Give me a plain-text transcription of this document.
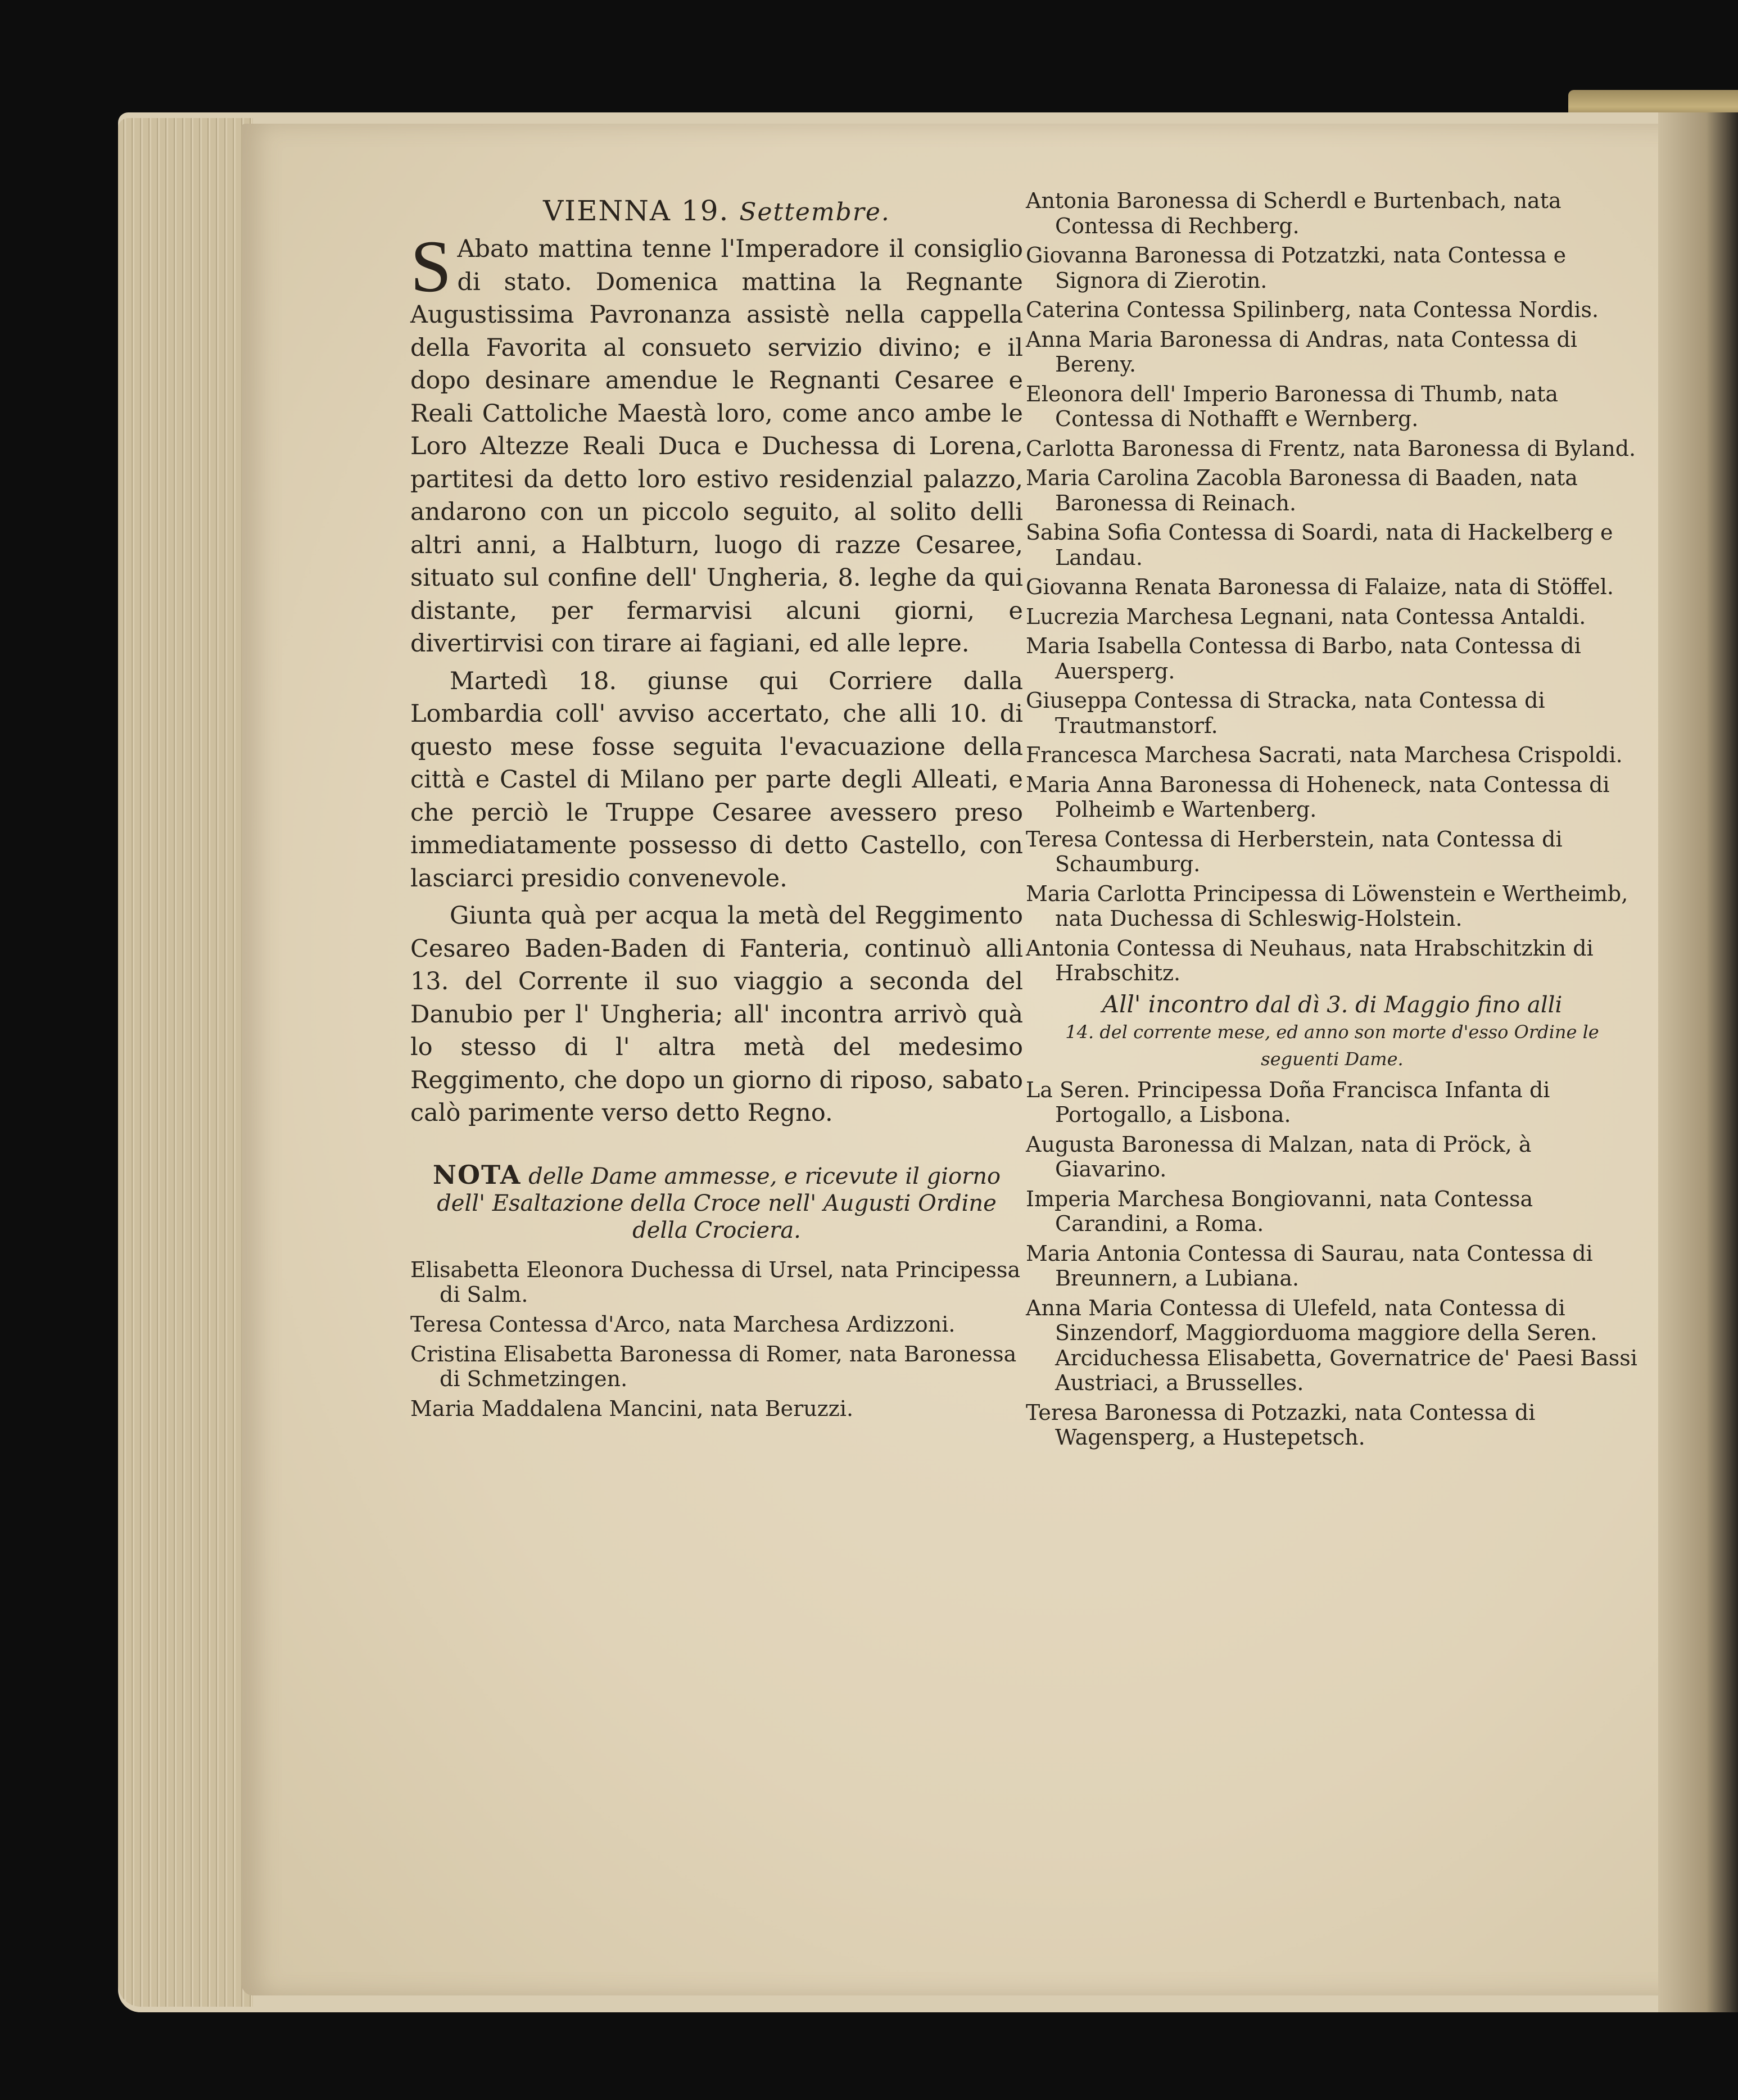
VIENNA 19. Settembre.

S Abato mattina tenne l'Imperadore il consiglio di stato. Domenica mattina la Regnante Augustissima Pavronanza assistè nella cappella della Favorita al consueto servizio divino; e il dopo desinare amendue le Regnanti Cesaree e Reali Cattoliche Maestà loro, come anco ambe le Loro Altezze Reali Duca e Duchessa di Lorena, partitesi da detto loro estivo residenzial palazzo, andarono con un piccolo seguito, al solito delli altri anni, a Halbturn, luogo di razze Cesaree, situato sul confine dell' Ungheria, 8. leghe da qui distante, per fermarvisi alcuni giorni, e divertirvisi con tirare ai fagiani, ed alle lepre.

Martedì 18. giunse qui Corriere dalla Lombardia coll' avviso accertato, che alli 10. di questo mese fosse seguita l'evacuazione della città e Castel di Milano per parte degli Alleati, e che perciò le Truppe Cesaree avessero preso immediatamente possesso di detto Castello, con lasciarci presidio convenevole.

Giunta quà per acqua la metà del Reggimento Cesareo Baden-Baden di Fanteria, continuò alli 13. del Corrente il suo viaggio a seconda del Danubio per l' Ungheria; all' incontra arrivò quà lo stesso di l' altra metà del medesimo Reggimento, che dopo un giorno di riposo, sabato calò parimente verso detto Regno.

NOTA delle Dame ammesse, e ricevute il giorno dell' Esaltazione della Croce nell' Augusti Ordine della Crociera.

Elisabetta Eleonora Duchessa di Ursel, nata Principessa di Salm.

Teresa Contessa d'Arco, nata Marchesa Ardizzoni.

Cristina Elisabetta Baronessa di Romer, nata Baronessa di Schmetzingen.

Maria Maddalena Mancini, nata Beruzzi.

Antonia Baronessa di Scherdl e Burtenbach, nata Contessa di Rechberg.

Giovanna Baronessa di Potzatzki, nata Contessa e Signora di Zierotin.

Caterina Contessa Spilinberg, nata Contessa Nordis.

Anna Maria Baronessa di Andras, nata Contessa di Bereny.

Eleonora dell' Imperio Baronessa di Thumb, nata Contessa di Nothafft e Wernberg.

Carlotta Baronessa di Frentz, nata Baronessa di Byland.

Maria Carolina Zacobla Baronessa di Baaden, nata Baronessa di Reinach.

Sabina Sofia Contessa di Soardi, nata di Hackelberg e Landau.

Giovanna Renata Baronessa di Falaize, nata di Stöffel.

Lucrezia Marchesa Legnani, nata Contessa Antaldi.

Maria Isabella Contessa di Barbo, nata Contessa di Auersperg.

Giuseppa Contessa di Stracka, nata Contessa di Trautmanstorf.

Francesca Marchesa Sacrati, nata Marchesa Crispoldi.

Maria Anna Baronessa di Hoheneck, nata Contessa di Polheimb e Wartenberg.

Teresa Contessa di Herberstein, nata Contessa di Schaumburg.

Maria Carlotta Principessa di Löwenstein e Wertheimb, nata Duchessa di Schleswig-Holstein.

Antonia Contessa di Neuhaus, nata Hrabschitzkin di Hrabschitz.

All' incontro dal dì 3. di Maggio fino alli
14. del corrente mese, ed anno son morte d'esso Ordine le seguenti Dame.

La Seren. Principessa Doña Francisca Infanta di Portogallo, a Lisbona.

Augusta Baronessa di Malzan, nata di Pröck, à Giavarino.

Imperia Marchesa Bongiovanni, nata Contessa Carandini, a Roma.

Maria Antonia Contessa di Saurau, nata Contessa di Breunnern, a Lubiana.

Anna Maria Contessa di Ulefeld, nata Contessa di Sinzendorf, Maggiorduoma maggiore della Seren. Arciduchessa Elisabetta, Governatrice de' Paesi Bassi Austriaci, a Brusselles.

Teresa Baronessa di Potzazki, nata Contessa di Wagensperg, a Hustepetsch.
